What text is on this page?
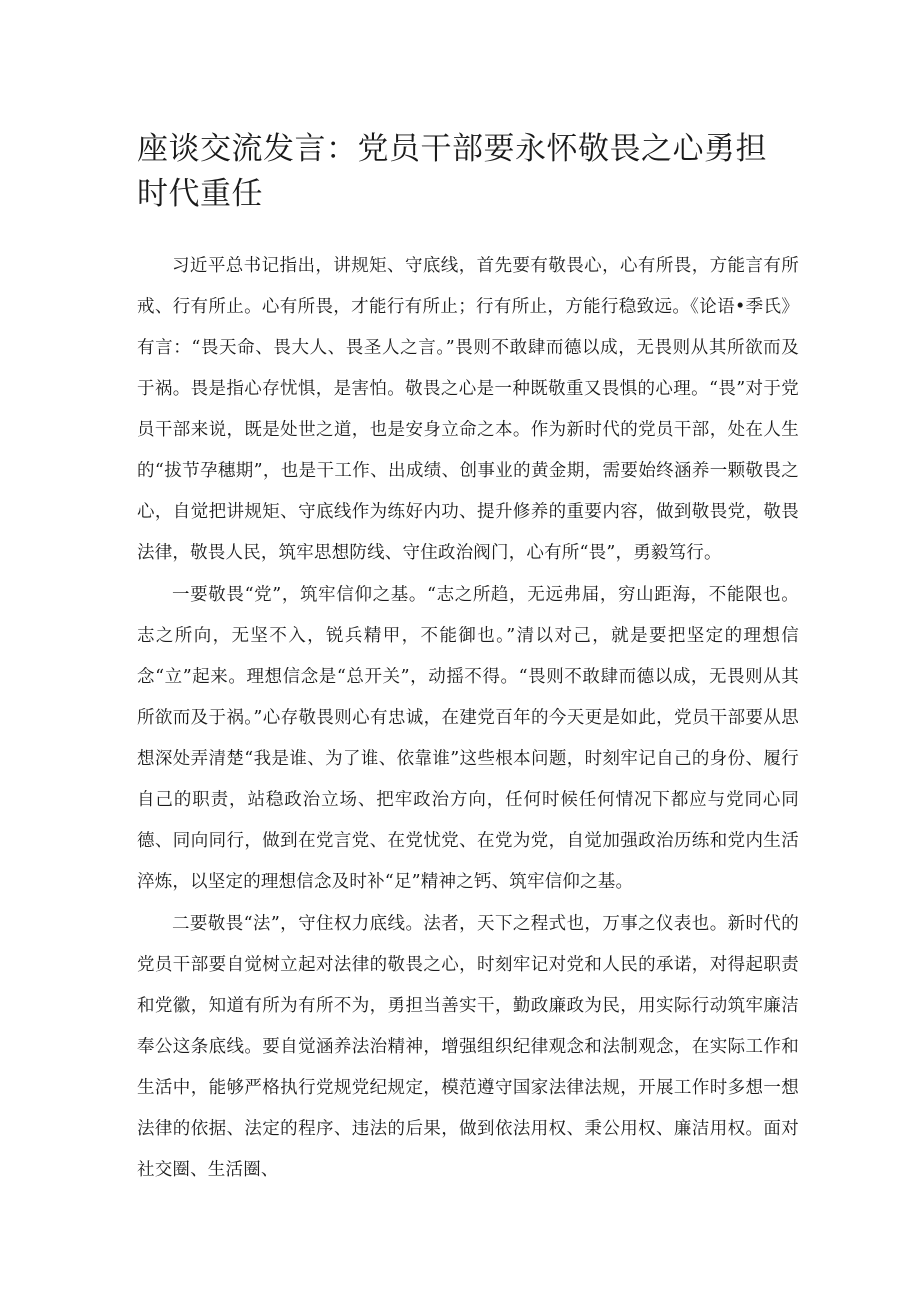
座谈交流发言：党员干部要永怀敬畏之心勇担时代重任

习近平总书记指出，讲规矩、守底线，首先要有敬畏心，心有所畏，方能言有所戒、行有所止。心有所畏，才能行有所止；行有所止，方能行稳致远。《论语•季氏》有言：“畏天命、畏大人、畏圣人之言。”畏则不敢肆而德以成，无畏则从其所欲而及于祸。畏是指心存忧惧，是害怕。敬畏之心是一种既敬重又畏惧的心理。“畏”对于党员干部来说，既是处世之道，也是安身立命之本。作为新时代的党员干部，处在人生的“拔节孕穗期”，也是干工作、出成绩、创事业的黄金期，需要始终涵养一颗敬畏之心，自觉把讲规矩、守底线作为练好内功、提升修养的重要内容，做到敬畏党，敬畏法律，敬畏人民，筑牢思想防线、守住政治阀门，心有所“畏”，勇毅笃行。

一要敬畏“党”，筑牢信仰之基。“志之所趋，无远弗届，穷山距海，不能限也。志之所向，无坚不入，锐兵精甲，不能御也。”清以对己，就是要把坚定的理想信念“立”起来。理想信念是“总开关”，动摇不得。“畏则不敢肆而德以成，无畏则从其所欲而及于祸。”心存敬畏则心有忠诚，在建党百年的今天更是如此，党员干部要从思想深处弄清楚“我是谁、为了谁、依靠谁”这些根本问题，时刻牢记自己的身份、履行自己的职责，站稳政治立场、把牢政治方向，任何时候任何情况下都应与党同心同德、同向同行，做到在党言党、在党忧党、在党为党，自觉加强政治历练和党内生活淬炼，以坚定的理想信念及时补“足”精神之钙、筑牢信仰之基。

二要敬畏“法”，守住权力底线。法者，天下之程式也，万事之仪表也。新时代的党员干部要自觉树立起对法律的敬畏之心，时刻牢记对党和人民的承诺，对得起职责和党徽，知道有所为有所不为，勇担当善实干，勤政廉政为民，用实际行动筑牢廉洁奉公这条底线。要自觉涵养法治精神，增强组织纪律观念和法制观念，在实际工作和生活中，能够严格执行党规党纪规定，模范遵守国家法律法规，开展工作时多想一想法律的依据、法定的程序、违法的后果，做到依法用权、秉公用权、廉洁用权。面对社交圈、生活圈、
